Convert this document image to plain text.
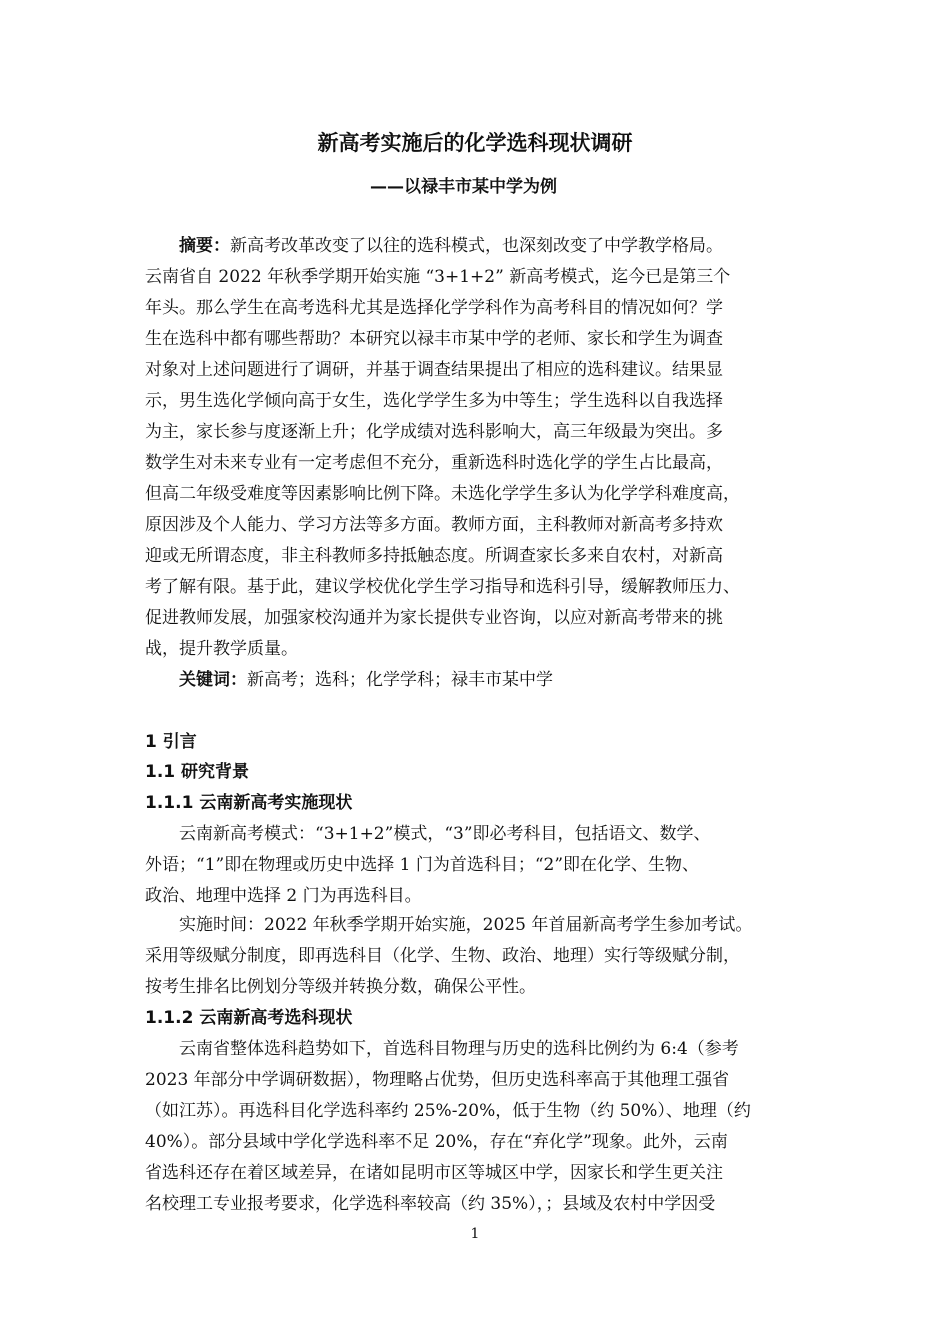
新高考实施后的化学选科现状调研
——以禄丰市某中学为例
摘要：新高考改革改变了以往的选科模式，也深刻改变了中学教学格局。
云南省自 2022 年秋季学期开始实施 “3+1+2” 新高考模式，迄今已是第三个
年头。那么学生在高考选科尤其是选择化学学科作为高考科目的情况如何？学
生在选科中都有哪些帮助？本研究以禄丰市某中学的老师、家长和学生为调查
对象对上述问题进行了调研，并基于调查结果提出了相应的选科建议。结果显
示，男生选化学倾向高于女生，选化学学生多为中等生；学生选科以自我选择
为主，家长参与度逐渐上升；化学成绩对选科影响大，高三年级最为突出。多
数学生对未来专业有一定考虑但不充分，重新选科时选化学的学生占比最高，
但高二年级受难度等因素影响比例下降。未选化学学生多认为化学学科难度高，
原因涉及个人能力、学习方法等多方面。教师方面，主科教师对新高考多持欢
迎或无所谓态度，非主科教师多持抵触态度。所调查家长多来自农村，对新高
考了解有限。基于此，建议学校优化学生学习指导和选科引导，缓解教师压力、
促进教师发展，加强家校沟通并为家长提供专业咨询，以应对新高考带来的挑
战，提升教学质量。
关键词：新高考；选科；化学学科；禄丰市某中学
1 引言
1.1 研究背景
1.1.1 云南新高考实施现状
云南新高考模式：“3+1+2”模式，“3”即必考科目，包括语文、数学、
外语；“1”即在物理或历史中选择 1 门为首选科目；“2”即在化学、生物、
政治、地理中选择 2 门为再选科目。
实施时间：2022 年秋季学期开始实施，2025 年首届新高考学生参加考试。
采用等级赋分制度，即再选科目（化学、生物、政治、地理）实行等级赋分制，
按考生排名比例划分等级并转换分数，确保公平性。
1.1.2 云南新高考选科现状
云南省整体选科趋势如下，首选科目物理与历史的选科比例约为 6:4（参考
2023 年部分中学调研数据），物理略占优势，但历史选科率高于其他理工强省
（如江苏）。再选科目化学选科率约 25%-20%，低于生物（约 50%）、地理（约
40%）。部分县域中学化学选科率不足 20%，存在“弃化学”现象。此外，云南
省选科还存在着区域差异，在诸如昆明市区等城区中学，因家长和学生更关注
名校理工专业报考要求，化学选科率较高（约 35%），；县域及农村中学因受
1
